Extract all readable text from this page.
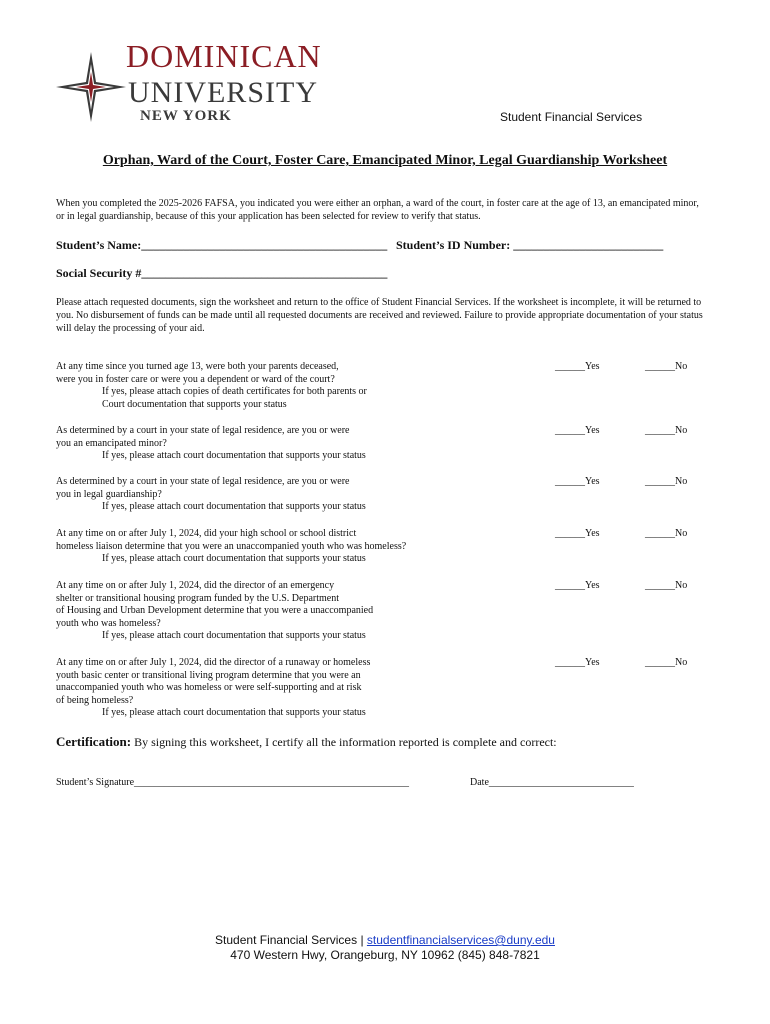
DOMINICAN
UNIVERSITY
NEW YORK	Student Financial Services
Orphan, Ward of the Court, Foster Care, Emancipated Minor, Legal Guardianship Worksheet
When you completed the 2025-2026 FAFSA, you indicated you were either an orphan, a ward of the court, in foster care at the age of 13, an emancipated minor, or in legal guardianship, because of this your application has been selected for review to verify that status.
Student’s Name:_________________________________________ Student’s ID Number: _________________________
Social Security #_________________________________________
Please attach requested documents, sign the worksheet and return to the office of Student Financial Services. If the worksheet is incomplete, it will be returned to you. No disbursement of funds can be made until all requested documents are received and reviewed. Failure to provide appropriate documentation of your status will delay the processing of your aid.
At any time since you turned age 13, were both your parents deceased,
were you in foster care or were you a dependent or ward of the court?
If yes, please attach copies of death certificates for both parents or
Court documentation that supports your status
______Yes	______No
As determined by a court in your state of legal residence, are you or were
you an emancipated minor?
If yes, please attach court documentation that supports your status
______Yes	______No
As determined by a court in your state of legal residence, are you or were
you in legal guardianship?
If yes, please attach court documentation that supports your status
______Yes	______No
At any time on or after July 1, 2024, did your high school or school district
homeless liaison determine that you were an unaccompanied youth who was homeless?
If yes, please attach court documentation that supports your status
______Yes	______No
At any time on or after July 1, 2024, did the director of an emergency
shelter or transitional housing program funded by the U.S. Department
of Housing and Urban Development determine that you were a unaccompanied
youth who was homeless?
If yes, please attach court documentation that supports your status
______Yes	______No
At any time on or after July 1, 2024, did the director of a runaway or homeless
youth basic center or transitional living program determine that you were an
unaccompanied youth who was homeless or were self-supporting and at risk
of being homeless?
If yes, please attach court documentation that supports your status
______Yes	______No
Certification: By signing this worksheet, I certify all the information reported is complete and correct:
Student’s Signature_______________________________________________________	Date_____________________________
Student Financial Services | studentfinancialservices@duny.edu
470 Western Hwy, Orangeburg, NY 10962 (845) 848-7821
